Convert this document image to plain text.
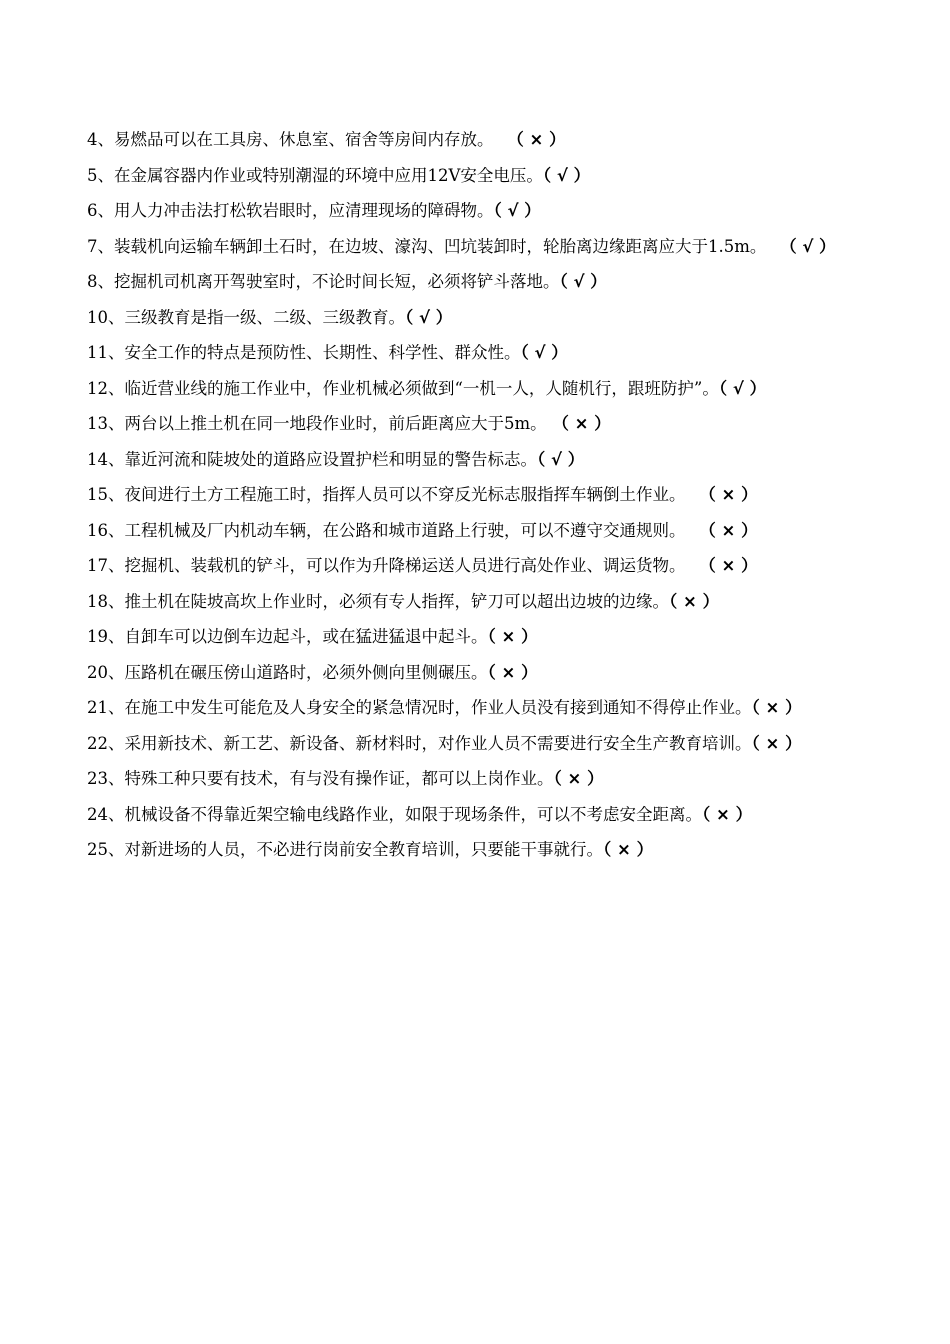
4、易燃品可以在工具房、休息室、宿舍等房间内存放。 （ × ）
5、在金属容器内作业或特别潮湿的环境中应用12V安全电压。（ √ ）
6、用人力冲击法打松软岩眼时，应清理现场的障碍物。（ √ ）
7、装载机向运输车辆卸土石时，在边坡、濠沟、凹坑装卸时，轮胎离边缘距离应大于1.5m。 （ √ ）
8、挖掘机司机离开驾驶室时，不论时间长短，必须将铲斗落地。（ √ ）
10、三级教育是指一级、二级、三级教育。（ √ ）
11、安全工作的特点是预防性、长期性、科学性、群众性。（ √ ）
12、临近营业线的施工作业中，作业机械必须做到“一机一人，人随机行，跟班防护”。（ √ ）
13、两台以上推土机在同一地段作业时，前后距离应大于5m。 （ × ）
14、靠近河流和陡坡处的道路应设置护栏和明显的警告标志。（ √ ）
15、夜间进行土方工程施工时，指挥人员可以不穿反光标志服指挥车辆倒土作业。 （ × ）
16、工程机械及厂内机动车辆，在公路和城市道路上行驶，可以不遵守交通规则。 （ × ）
17、挖掘机、装载机的铲斗，可以作为升降梯运送人员进行高处作业、调运货物。 （ × ）
18、推土机在陡坡高坎上作业时，必须有专人指挥，铲刀可以超出边坡的边缘。（ × ）
19、自卸车可以边倒车边起斗，或在猛进猛退中起斗。（ × ）
20、压路机在碾压傍山道路时，必须外侧向里侧碾压。（ × ）
21、在施工中发生可能危及人身安全的紧急情况时，作业人员没有接到通知不得停止作业。（ × ）
22、采用新技术、新工艺、新设备、新材料时，对作业人员不需要进行安全生产教育培训。（ × ）
23、特殊工种只要有技术，有与没有操作证，都可以上岗作业。（ × ）
24、机械设备不得靠近架空输电线路作业，如限于现场条件，可以不考虑安全距离。（ × ）
25、对新进场的人员，不必进行岗前安全教育培训，只要能干事就行。（ × ）
